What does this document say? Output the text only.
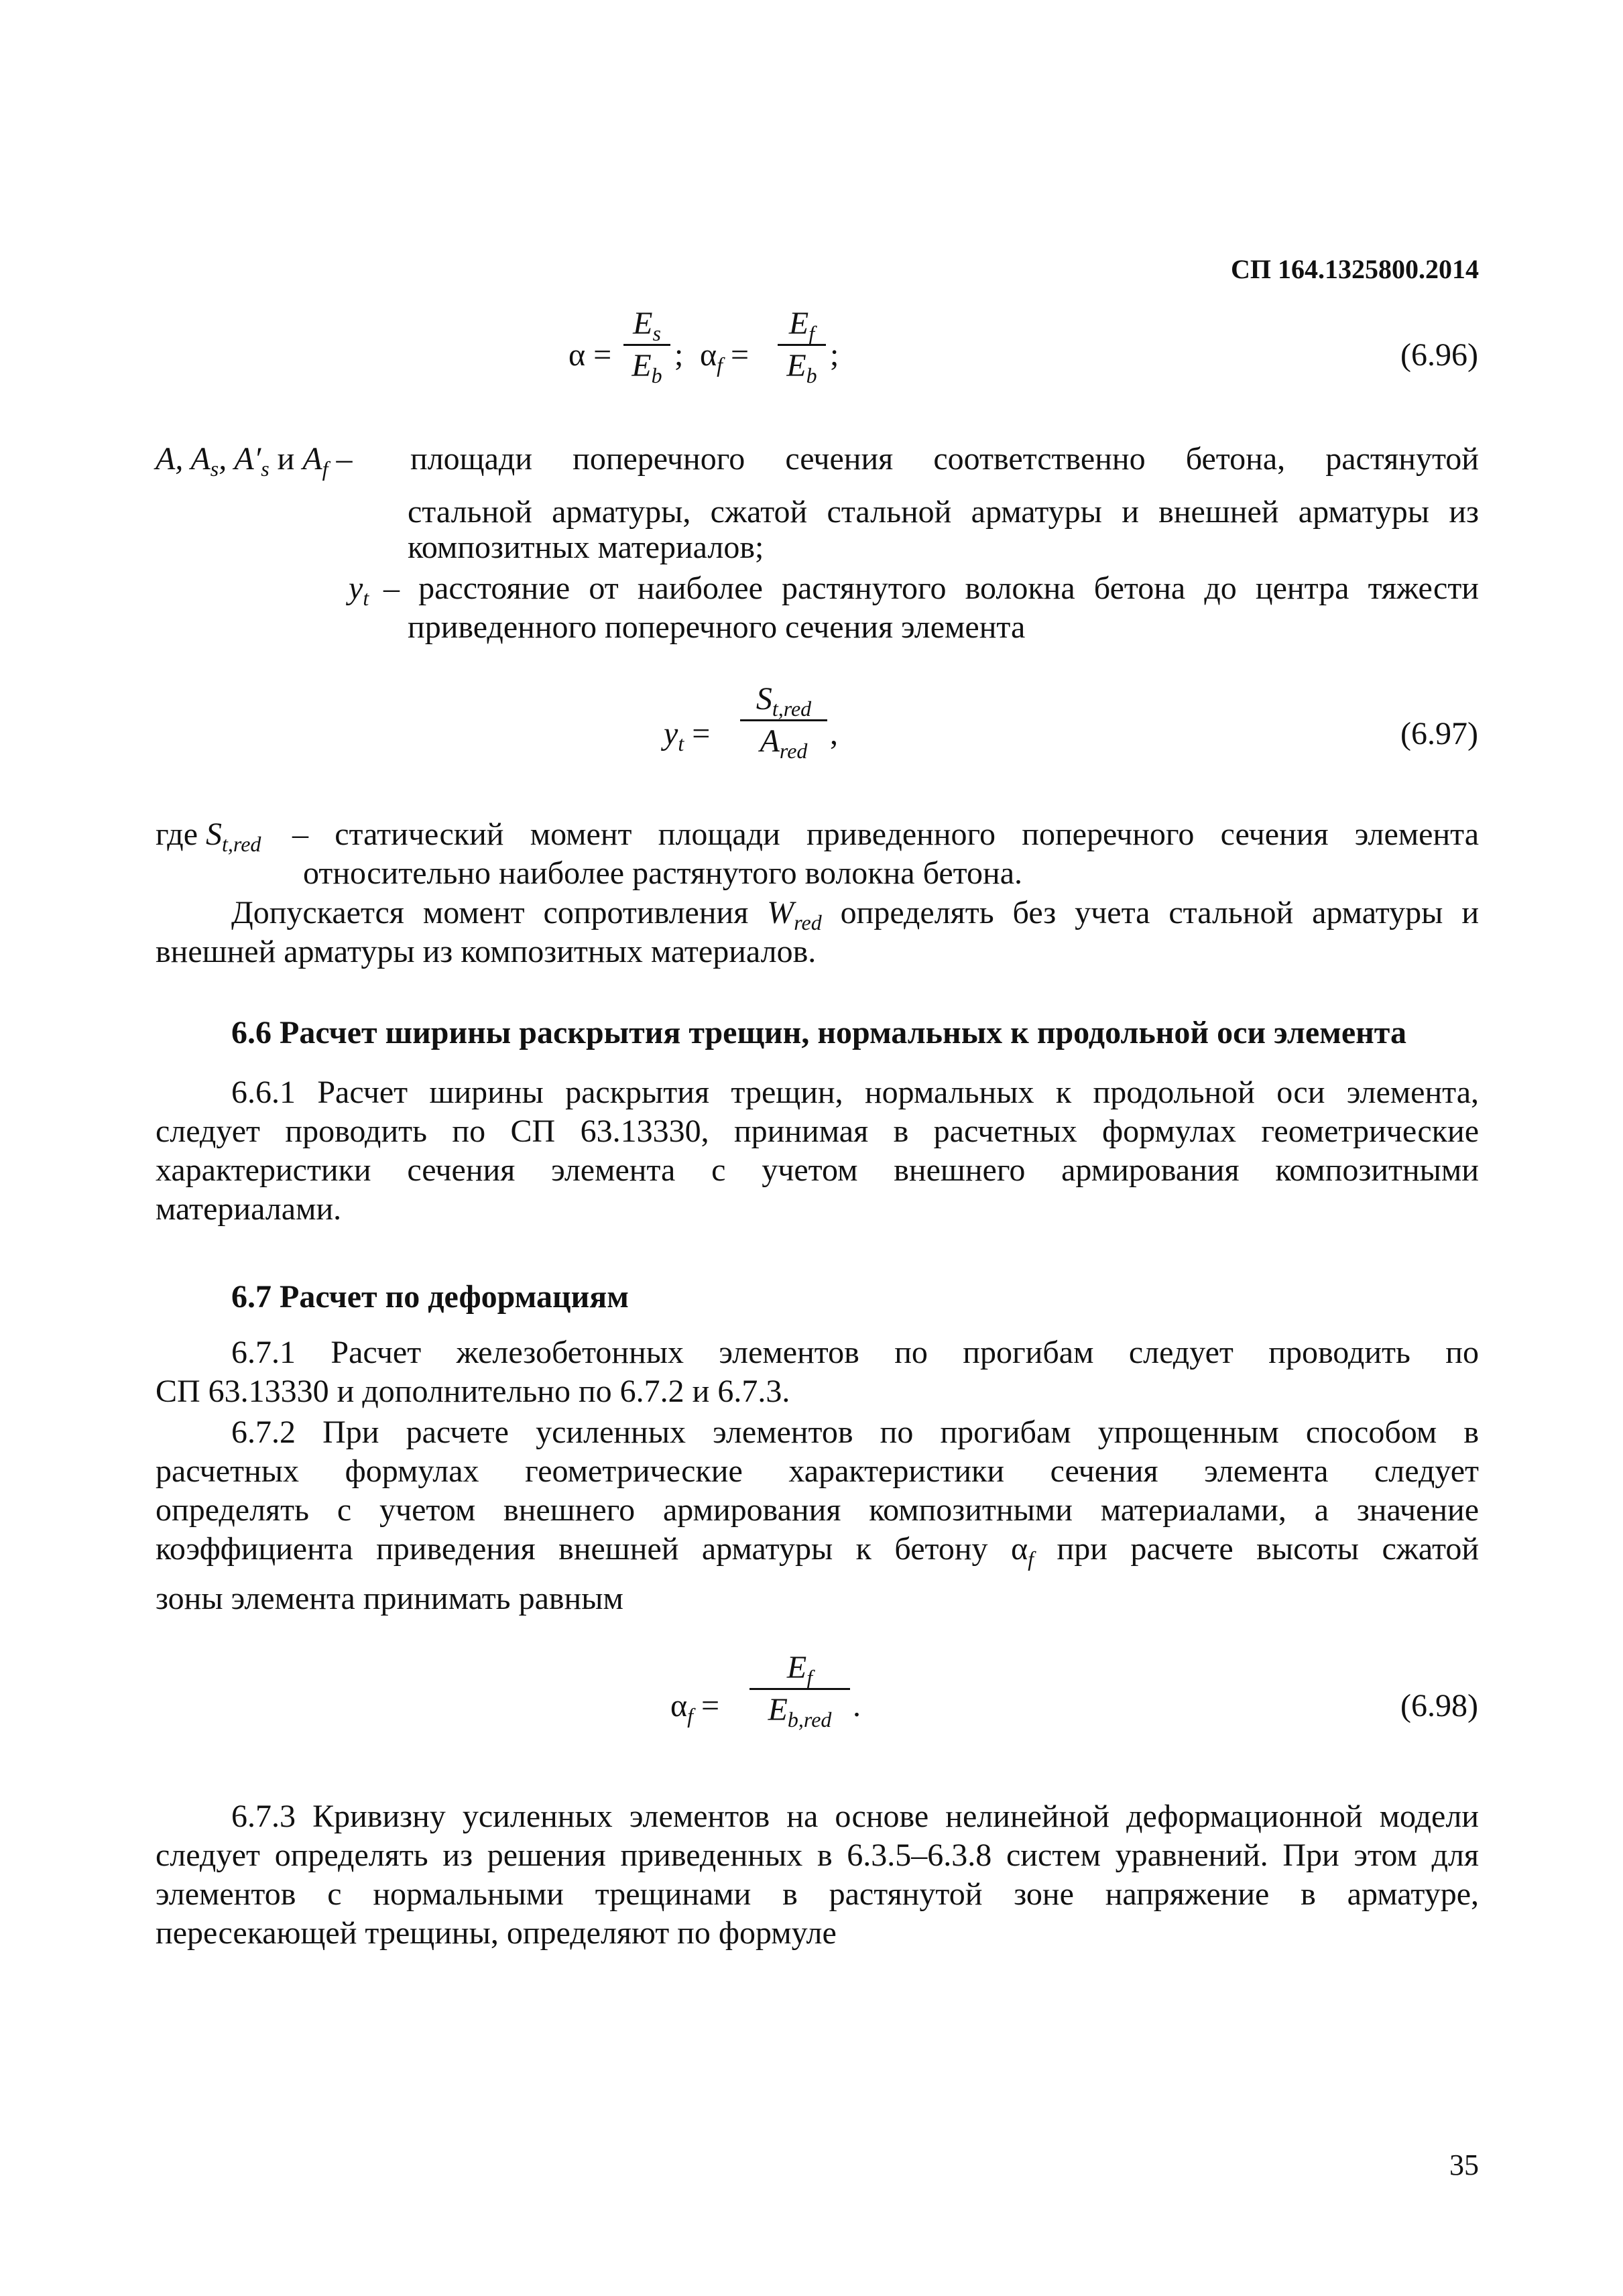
СП 164.1325800.2014
α =
$E_s$
$E_b$
; $\alpha_f$ =
$E_f$
$E_b$
;	(6.96)
A, $A_s$, $A'_s$ и $A_f$ – площади поперечного сечения соответственно бетона, растянутой
стальной арматуры, сжатой стальной арматуры и внешней арматуры из
композитных материалов;
$y_t$ – расстояние от наиболее растянутого волокна бетона до центра тяжести
приведенного поперечного сечения элемента
$y_t$ =
$S_{t,red}$
$A_{red}$ ,	(6.97)
где $S_{t,red}$ – статический момент площади приведенного поперечного сечения элемента
относительно наиболее растянутого волокна бетона.
Допускается момент сопротивления $W_{red}$ определять без учета стальной арматуры и
внешней арматуры из композитных материалов.
6.6 Расчет ширины раскрытия трещин, нормальных к продольной оси элемента
6.6.1 Расчет ширины раскрытия трещин, нормальных к продольной оси элемента,
следует проводить по СП 63.13330, принимая в расчетных формулах геометрические
характеристики сечения элемента с учетом внешнего армирования композитными
материалами.
6.7 Расчет по деформациям
6.7.1 Расчет железобетонных элементов по прогибам следует проводить по
СП 63.13330 и дополнительно по 6.7.2 и 6.7.3.
6.7.2 При расчете усиленных элементов по прогибам упрощенным способом в
расчетных формулах геометрические характеристики сечения элемента следует
определять с учетом внешнего армирования композитными материалами, а значение
коэффициента приведения внешней арматуры к бетону $\alpha_f$ при расчете высоты сжатой
зоны элемента принимать равным
$\alpha_f$ =
$E_f$
$E_{b,red}$ .	(6.98)
6.7.3 Кривизну усиленных элементов на основе нелинейной деформационной модели
следует определять из решения приведенных в 6.3.5–6.3.8 систем уравнений. При этом для
элементов с нормальными трещинами в растянутой зоне напряжение в арматуре,
пересекающей трещины, определяют по формуле
35
